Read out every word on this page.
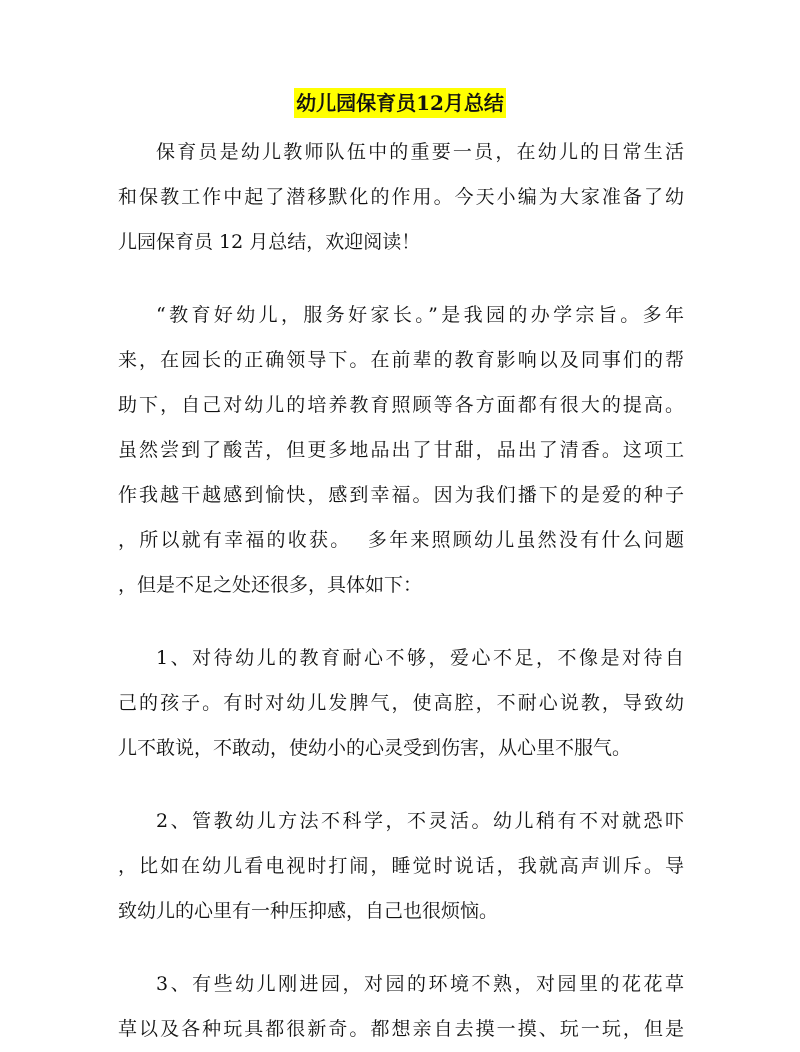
幼儿园保育员12月总结

保育员是幼儿教师队伍中的重要一员，在幼儿的日常生活
和保教工作中起了潜移默化的作用。今天小编为大家准备了幼
儿园保育员 12 月总结，欢迎阅读！

“教育好幼儿，服务好家长。”是我园的办学宗旨。多年
来，在园长的正确领导下。在前辈的教育影响以及同事们的帮
助下，自己对幼儿的培养教育照顾等各方面都有很大的提高。
虽然尝到了酸苦，但更多地品出了甘甜，品出了清香。这项工
作我越干越感到愉快，感到幸福。因为我们播下的是爱的种子
，所以就有幸福的收获。  多年来照顾幼儿虽然没有什么问题
，但是不足之处还很多，具体如下：

1、对待幼儿的教育耐心不够，爱心不足，不像是对待自
己的孩子。有时对幼儿发脾气，使高腔，不耐心说教，导致幼
儿不敢说，不敢动，使幼小的心灵受到伤害，从心里不服气。

2、管教幼儿方法不科学，不灵活。幼儿稍有不对就恐吓
，比如在幼儿看电视时打闹，睡觉时说话，我就高声训斥。导
致幼儿的心里有一种压抑感，自己也很烦恼。

3、有些幼儿刚进园，对园的环境不熟，对园里的花花草
草以及各种玩具都很新奇。都想亲自去摸一摸、玩一玩，但是
